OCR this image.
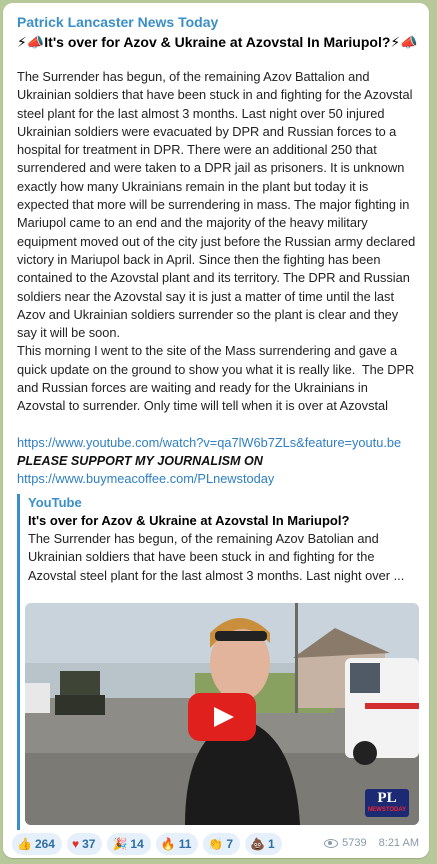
Patrick Lancaster News Today
⚡📣It's over for Azov & Ukraine at Azovstal In Mariupol?⚡📣
The Surrender has begun, of the remaining Azov Battalion and Ukrainian soldiers that have been stuck in and fighting for the Azovstal steel plant for the last almost 3 months. Last night over 50 injured Ukrainian soldiers were evacuated by DPR and Russian forces to a hospital for treatment in DPR. There were an additional 250 that surrendered and were taken to a DPR jail as prisoners. It is unknown exactly how many Ukrainians remain in the plant but today it is expected that more will be surrendering in mass. The major fighting in Mariupol came to an end and the majority of the heavy military equipment moved out of the city just before the Russian army declared victory in Mariupol back in April. Since then the fighting has been contained to the Azovstal plant and its territory. The DPR and Russian soldiers near the Azovstal say it is just a matter of time until the last Azov and Ukrainian soldiers surrender so the plant is clear and they say it will be soon.
This morning I went to the site of the Mass surrendering and gave a quick update on the ground to show you what it is really like.  The DPR and Russian forces are waiting and ready for the Ukrainians in Azovstal to surrender. Only time will tell when it is over at Azovstal
https://www.youtube.com/watch?v=qa7lW6b7ZLs&feature=youtu.be
PLEASE SUPPORT MY JOURNALISM ON
https://www.buymeacoffee.com/PLnewstoday
YouTube
It's over for Azov & Ukraine at Azovstal In Mariupol?
The Surrender has begun, of the remaining Azov Batolian and Ukrainian soldiers that have been stuck in and fighting for the Azovstal steel plant for the last almost 3 months. Last night over ...
PL
NEWSTODAY
👍 264 ♥ 37 🎉 14 🔥 11 👏 7 💩 1	5739 8:21 AM
